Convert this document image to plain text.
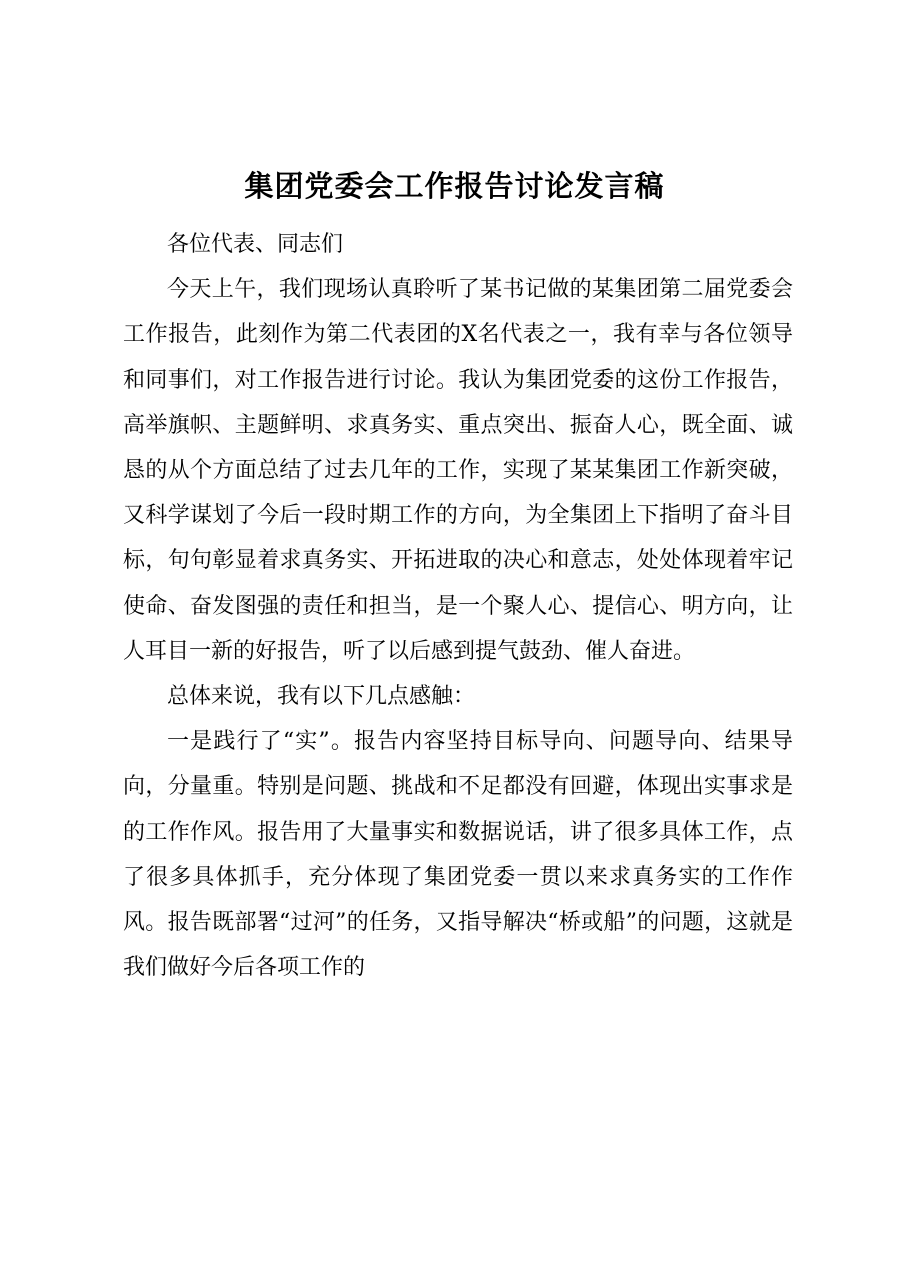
集团党委会工作报告讨论发言稿

各位代表、同志们

今天上午，我们现场认真聆听了某书记做的某集团第二届党委会工作报告，此刻作为第二代表团的X名代表之一，我有幸与各位领导和同事们，对工作报告进行讨论。我认为集团党委的这份工作报告，高举旗帜、主题鲜明、求真务实、重点突出、振奋人心，既全面、诚恳的从个方面总结了过去几年的工作，实现了某某集团工作新突破，又科学谋划了今后一段时期工作的方向，为全集团上下指明了奋斗目标，句句彰显着求真务实、开拓进取的决心和意志，处处体现着牢记使命、奋发图强的责任和担当，是一个聚人心、提信心、明方向，让人耳目一新的好报告，听了以后感到提气鼓劲、催人奋进。

总体来说，我有以下几点感触：

一是践行了“实”。报告内容坚持目标导向、问题导向、结果导向，分量重。特别是问题、挑战和不足都没有回避，体现出实事求是的工作作风。报告用了大量事实和数据说话，讲了很多具体工作，点了很多具体抓手，充分体现了集团党委一贯以来求真务实的工作作风。报告既部署“过河”的任务，又指导解决“桥或船”的问题，这就是我们做好今后各项工作的
